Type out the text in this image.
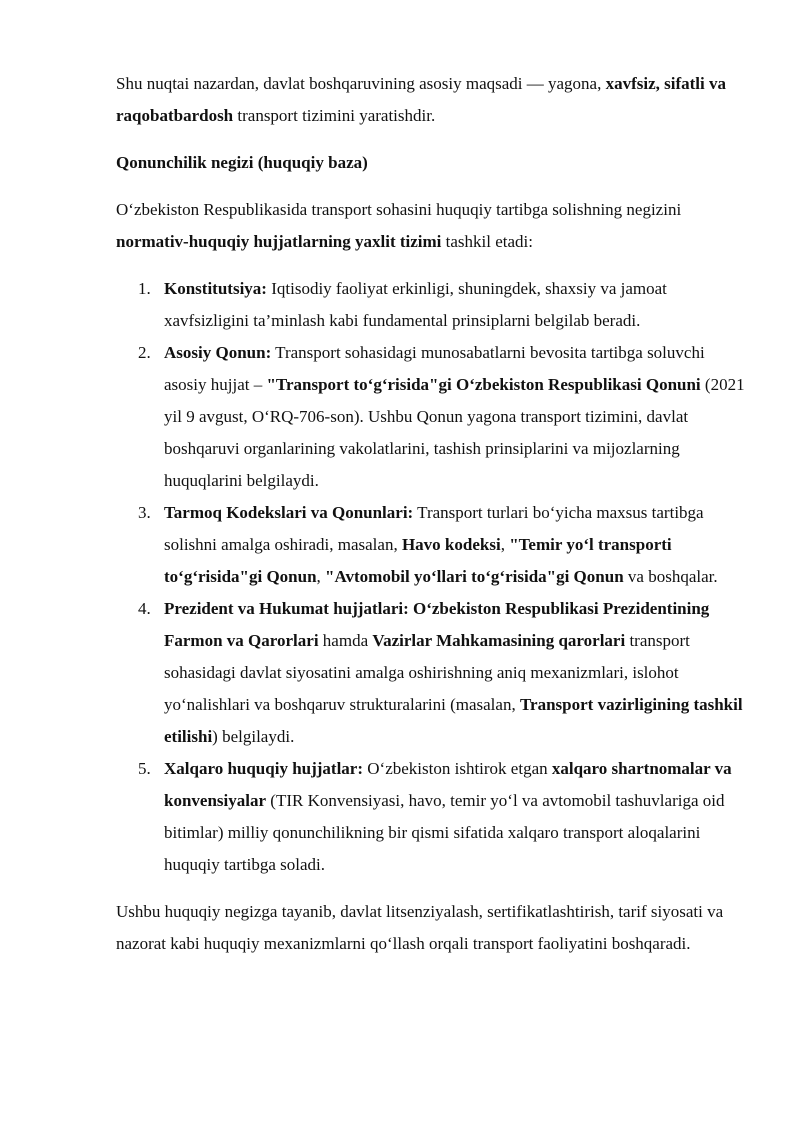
Shu nuqtai nazardan, davlat boshqaruvining asosiy maqsadi — yagona, xavfsiz, sifatli va raqobatbardosh transport tizimini yaratishdir.

Qonunchilik negizi (huquqiy baza)

O‘zbekiston Respublikasida transport sohasini huquqiy tartibga solishning negizini normativ-huquqiy hujjatlarning yaxlit tizimi tashkil etadi:

1. Konstitutsiya: Iqtisodiy faoliyat erkinligi, shuningdek, shaxsiy va jamoat xavfsizligini ta’minlash kabi fundamental prinsiplarni belgilab beradi.
2. Asosiy Qonun: Transport sohasidagi munosabatlarni bevosita tartibga soluvchi asosiy hujjat – "Transport to‘g‘risida"gi O‘zbekiston Respublikasi Qonuni (2021 yil 9 avgust, O‘RQ-706-son). Ushbu Qonun yagona transport tizimini, davlat boshqaruvi organlarining vakolatlarini, tashish prinsiplarini va mijozlarning huquqlarini belgilaydi.
3. Tarmoq Kodekslari va Qonunlari: Transport turlari bo‘yicha maxsus tartibga solishni amalga oshiradi, masalan, Havo kodeksi, "Temir yo‘l transporti to‘g‘risida"gi Qonun, "Avtomobil yo‘llari to‘g‘risida"gi Qonun va boshqalar.
4. Prezident va Hukumat hujjatlari: O‘zbekiston Respublikasi Prezidentining Farmon va Qarorlari hamda Vazirlar Mahkamasining qarorlari transport sohasidagi davlat siyosatini amalga oshirishning aniq mexanizmlari, islohot yo‘nalishlari va boshqaruv strukturalarini (masalan, Transport vazirligining tashkil etilishi) belgilaydi.
5. Xalqaro huquqiy hujjatlar: O‘zbekiston ishtirok etgan xalqaro shartnomalar va konvensiyalar (TIR Konvensiyasi, havo, temir yo‘l va avtomobil tashuvlariga oid bitimlar) milliy qonunchilikning bir qismi sifatida xalqaro transport aloqalarini huquqiy tartibga soladi.

Ushbu huquqiy negizga tayanib, davlat litsenziyalash, sertifikatlashtirish, tarif siyosati va nazorat kabi huquqiy mexanizmlarni qo‘llash orqali transport faoliyatini boshqaradi.
